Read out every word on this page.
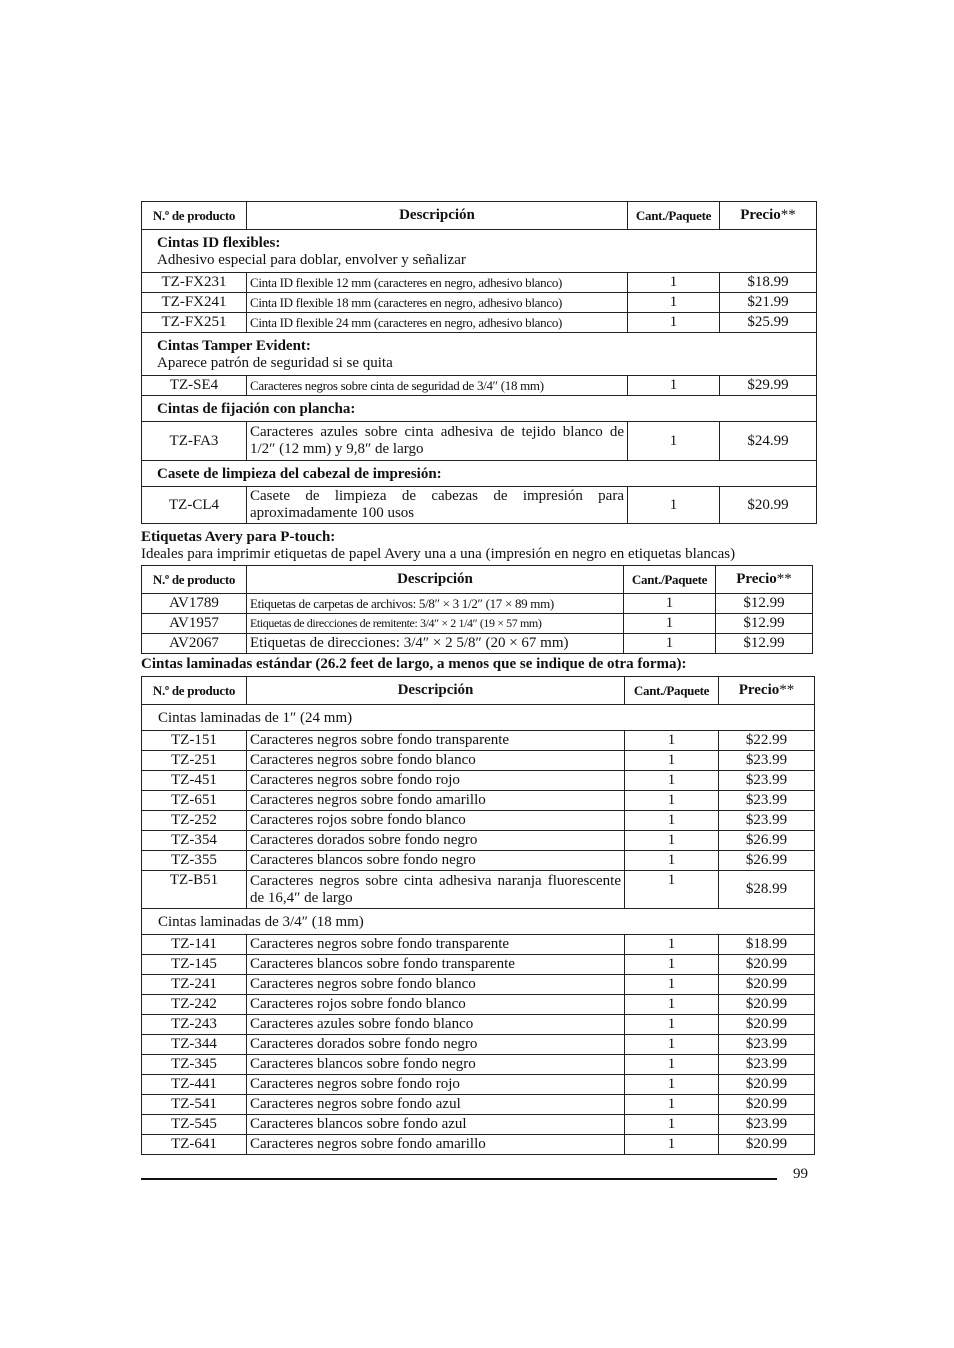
N.º de producto	Descripción	Cant./Paquete	Precio**

Cintas ID flexibles:
Adhesivo especial para doblar, envolver y señalizar			
TZ-FX231	Cinta ID flexible 12 mm (caracteres en negro, adhesivo blanco)	1	$18.99
TZ-FX241	Cinta ID flexible 18 mm (caracteres en negro, adhesivo blanco)	1	$21.99
TZ-FX251	Cinta ID flexible 24 mm (caracteres en negro, adhesivo blanco)	1	$25.99

Cintas Tamper Evident:
Aparece patrón de seguridad si se quita			
TZ-SE4	Caracteres negros sobre cinta de seguridad de 3/4″ (18 mm)	1	$29.99

Cintas de fijación con plancha:			

TZ-FA3	Caracteres azules sobre cinta adhesiva de tejido blanco de 1/2″ (12 mm) y 9,8″ de largo	1	$24.99

Casete de limpieza del cabezal de impresión:			

TZ-CL4	Casete de limpieza de cabezas de impresión para aproximadamente 100 usos	1	$20.99
Etiquetas Avery para P-touch:
Ideales para imprimir etiquetas de papel Avery una a una (impresión en negro en etiquetas blancas)
N.º de producto	Descripción	Cant./Paquete	Precio**
AV1789	Etiquetas de carpetas de archivos: 5/8″ × 3 1/2″ (17 × 89 mm)	1	$12.99
AV1957	Etiquetas de direcciones de remitente: 3/4″ × 2 1/4″ (19 × 57 mm)	1	$12.99
AV2067	Etiquetas de direcciones: 3/4″ × 2 5/8″ (20 × 67 mm)	1	$12.99
Cintas laminadas estándar (26.2 feet de largo, a menos que se indique de otra forma):
N.º de producto	Descripción	Cant./Paquete	Precio**
Cintas laminadas de 1″ (24 mm)			
TZ-151	Caracteres negros sobre fondo transparente	1	$22.99
TZ-251	Caracteres negros sobre fondo blanco	1	$23.99
TZ-451	Caracteres negros sobre fondo rojo	1	$23.99
TZ-651	Caracteres negros sobre fondo amarillo	1	$23.99
TZ-252	Caracteres rojos sobre fondo blanco	1	$23.99
TZ-354	Caracteres dorados sobre fondo negro	1	$26.99
TZ-355	Caracteres blancos sobre fondo negro	1	$26.99
TZ-B51	Caracteres negros sobre cinta adhesiva naranja fluorescente de 16,4″ de largo	1	$28.99
Cintas laminadas de 3/4″ (18 mm)			
TZ-141	Caracteres negros sobre fondo transparente	1	$18.99
TZ-145	Caracteres blancos sobre fondo transparente	1	$20.99
TZ-241	Caracteres negros sobre fondo blanco	1	$20.99
TZ-242	Caracteres rojos sobre fondo blanco	1	$20.99
TZ-243	Caracteres azules sobre fondo blanco	1	$20.99
TZ-344	Caracteres dorados sobre fondo negro	1	$23.99
TZ-345	Caracteres blancos sobre fondo negro	1	$23.99
TZ-441	Caracteres negros sobre fondo rojo	1	$20.99
TZ-541	Caracteres negros sobre fondo azul	1	$20.99
TZ-545	Caracteres blancos sobre fondo azul	1	$23.99
TZ-641	Caracteres negros sobre fondo amarillo	1	$20.99
99
